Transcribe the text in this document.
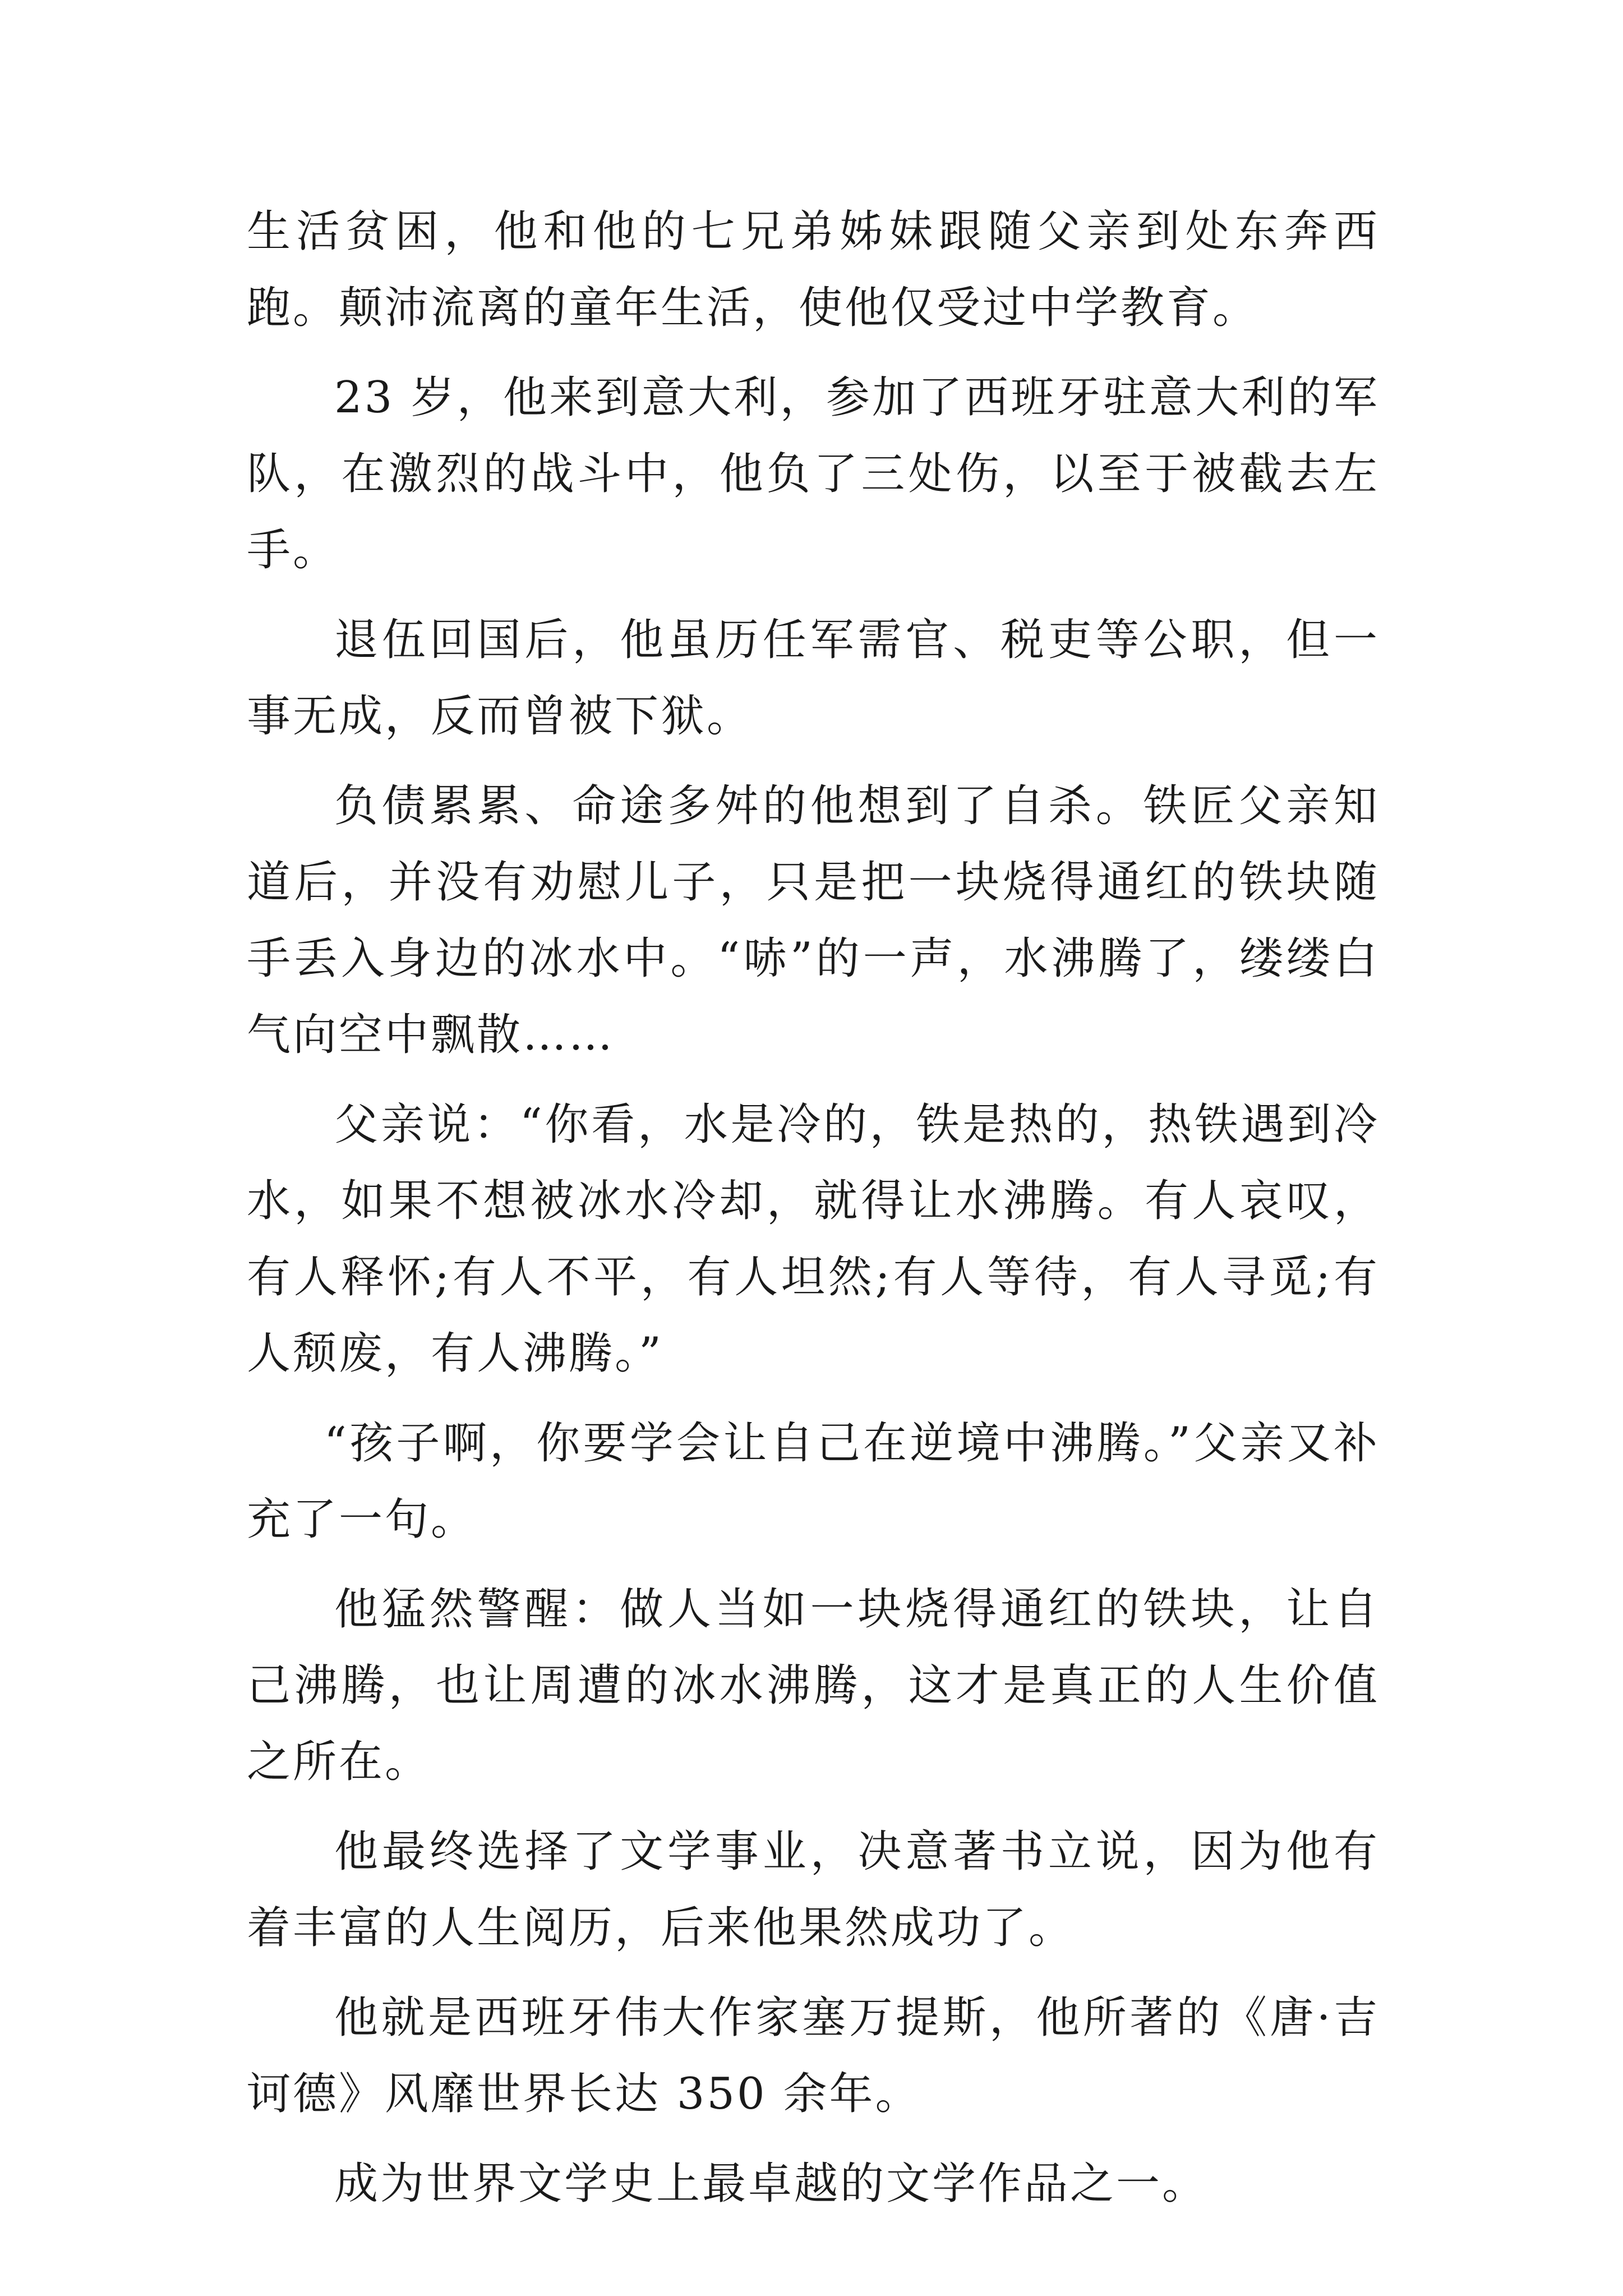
生活贫困，他和他的七兄弟姊妹跟随父亲到处东奔西跑。颠沛流离的童年生活，使他仅受过中学教育。

23 岁，他来到意大利，参加了西班牙驻意大利的军队，在激烈的战斗中，他负了三处伤，以至于被截去左手。

退伍回国后，他虽历任军需官、税吏等公职，但一事无成，反而曾被下狱。

负债累累、命途多舛的他想到了自杀。铁匠父亲知道后，并没有劝慰儿子，只是把一块烧得通红的铁块随手丢入身边的冰水中。“哧”的一声，水沸腾了，缕缕白气向空中飘散……

父亲说：“你看，水是冷的，铁是热的，热铁遇到冷水，如果不想被冰水冷却，就得让水沸腾。有人哀叹，有人释怀;有人不平，有人坦然;有人等待，有人寻觅;有人颓废，有人沸腾。”

“孩子啊，你要学会让自己在逆境中沸腾。”父亲又补充了一句。

他猛然警醒：做人当如一块烧得通红的铁块，让自己沸腾，也让周遭的冰水沸腾，这才是真正的人生价值之所在。

他最终选择了文学事业，决意著书立说，因为他有着丰富的人生阅历，后来他果然成功了。

他就是西班牙伟大作家塞万提斯，他所著的《唐·吉诃德》风靡世界长达 350 余年。

成为世界文学史上最卓越的文学作品之一。
